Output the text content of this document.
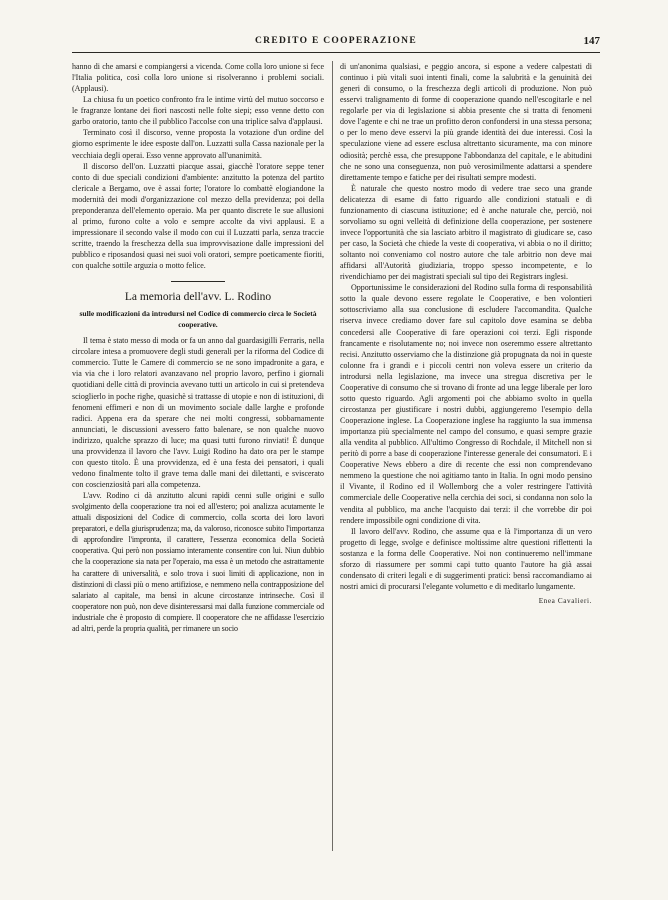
CREDITO E COOPERAZIONE	147

hanno di che amarsi e compiangersi a vicenda. Come colla loro unione si fece l'Italia politica, così colla loro unione si risolveranno i problemi sociali. (Applausi).

La chiusa fu un poetico confronto fra le intime virtù del mutuo soccorso e le fragranze lontane dei fiori nascosti nelle folte siepi; esso venne detto con garbo oratorio, tanto che il pubblico l'accolse con una triplice salva d'applausi.

Terminato così il discorso, venne proposta la votazione d'un ordine del giorno esprimente le idee esposte dall'on. Luzzatti sulla Cassa nazionale per la vecchiaia degli operai. Esso venne approvato all'unanimità.

Il discorso dell'on. Luzzatti piacque assai, giacchè l'oratore seppe tener conto di due speciali condizioni d'ambiente: anzitutto la potenza del partito clericale a Bergamo, ove è assai forte; l'oratore lo combattè elogiandone la modernità dei modi d'organizzazione col mezzo della previdenza; poi della preponderanza dell'elemento operaio. Ma per quanto discrete le sue allusioni al primo, furono colte a volo e sempre accolte da vivi applausi. E a impressionare il secondo valse il modo con cui il Luzzatti parla, senza traccie scritte, traendo la freschezza della sua improvvisazione dalle impressioni del pubblico e riposandosi quasi nei suoi voli oratori, sempre poeticamente fioriti, con qualche sottile arguzia o motto felice.

La memoria dell'avv. L. Rodino
sulle modificazioni da introdursi nel Codice di commercio circa le Società cooperative.

Il tema è stato messo di moda or fa un anno dal guardasigilli Ferraris, nella circolare intesa a promuovere degli studi generali per la riforma del Codice di commercio. Tutte le Camere di commercio se ne sono impadronite a gara, e via via che i loro relatori avanzavano nel proprio lavoro, perfino i giornali quotidiani delle città di provincia avevano tutti un articolo in cui si pretendeva scioglierlo in poche righe, quasichè si trattasse di utopie e non di istituzioni, di fenomeni effimeri e non di un movimento sociale dalle larghe e profonde radici. Appena era da sperare che nei molti congressi, sobbarnamente annunciati, le discussioni avessero fatto balenare, se non qualche nuovo indirizzo, qualche sprazzo di luce; ma quasi tutti furono rinviati! È dunque una provvidenza il lavoro che l'avv. Luigi Rodino ha dato ora per le stampe con questo titolo. È una provvidenza, ed è una festa dei pensatori, i quali vedono finalmente tolto il grave tema dalle mani dei dilettanti, e sviscerato con coscienziosità pari alla competenza.

L'avv. Rodino ci dà anzitutto alcuni rapidi cenni sulle origini e sullo svolgimento della cooperazione tra noi ed all'estero; poi analizza acutamente le attuali disposizioni del Codice di commercio, colla scorta dei loro lavori preparatori, e della giurisprudenza; ma, da valoroso, riconosce subito l'importanza di approfondire l'impronta, il carattere, l'essenza economica della Società cooperativa. Qui però non possiamo interamente consentire con lui. Niun dubbio che la cooperazione sia nata per l'operaio, ma essa è un metodo che astrattamente ha carattere di universalità, e solo trova i suoi limiti di applicazione, non in distinzioni di classi più o meno artifiziose, e nemmeno nella contrapposizione del salariato al capitale, ma bensì in alcune circostanze intrinseche. Così il cooperatore non può, non deve disinteressarsi mai dalla funzione commerciale od industriale che è proposto di compiere. Il cooperatore che ne affidasse l'esercizio ad altri, perde la propria qualità, per rimanere un socio

di un'anonima qualsiasi, e peggio ancora, si espone a vedere calpestati di continuo i più vitali suoi intenti finali, come la salubrità e la genuinità dei generi di consumo, o la freschezza degli articoli di produzione. Non può esservi tralignamento di forme di cooperazione quando nell'escogitarle e nel regolarle per via di legislazione si abbia presente che si tratta di fenomeni dove l'agente e chi ne trae un profitto deron confondersi in una stessa persona; o per lo meno deve esservi la più grande identità dei due interessi. Così la speculazione viene ad essere esclusa altrettanto sicuramente, ma con minore odiosità; perchè essa, che presuppone l'abbondanza del capitale, e le abitudini che ne sono una conseguenza, non può verosimilmente adattarsi a spendere direttamente tempo e fatiche per dei risultati sempre modesti.

È naturale che questo nostro modo di vedere trae seco una grande delicatezza di esame di fatto riguardo alle condizioni statuali e di funzionamento di ciascuna istituzione; ed è anche naturale che, perciò, noi sorvoliamo su ogni velleità di definizione della cooperazione, per sostenere invece l'opportunità che sia lasciato arbitro il magistrato di giudicare se, caso per caso, la Società che chiede la veste di cooperativa, vi abbia o no il diritto; soltanto noi conveniamo col nostro autore che tale arbitrio non deve mai affidarsi all'Autorità giudiziaria, troppo spesso incompetente, e lo rivendichiamo per dei magistrati speciali sul tipo dei Registrars inglesi.

Opportunissime le considerazioni del Rodino sulla forma di responsabilità sotto la quale devono essere regolate le Cooperative, e ben volontieri sottoscriviamo alla sua conclusione di escludere l'accomandita. Qualche riserva invece crediamo dover fare sul capitolo dove esamina se debba concedersi alle Cooperative di fare operazioni coi terzi. Egli risponde francamente e risolutamente no; noi invece non oseremmo essere altrettanto recisi. Anzitutto osserviamo che la distinzione già propugnata da noi in queste colonne fra i grandi e i piccoli centri non voleva essere un criterio da introdursi nella legislazione, ma invece una stregua discretiva per le Cooperative di consumo che si trovano di fronte ad una legge liberale per loro sotto questo riguardo. Agli argomenti poi che abbiamo svolto in quella circostanza per giustificare i nostri dubbi, aggiungeremo l'esempio della Cooperazione inglese. La Cooperazione inglese ha raggiunto la sua immensa importanza più specialmente nel campo del consumo, e quasi sempre grazie alla vendita al pubblico. All'ultimo Congresso di Rochdale, il Mitchell non si peritò di porre a base di cooperazione l'interesse generale dei consumatori. E i Cooperative News ebbero a dire di recente che essi non comprendevano nemmeno la questione che noi agitiamo tanto in Italia. In ogni modo pensino il Vivante, il Rodino ed il Wollemborg che a voler restringere l'attività commerciale delle Cooperative nella cerchia dei soci, si condanna non solo la vendita al pubblico, ma anche l'acquisto dai terzi: il che vorrebbe dir poi rendere impossibile ogni condizione di vita.

Il lavoro dell'avv. Rodino, che assume qua e là l'importanza di un vero progetto di legge, svolge e definisce moltissime altre questioni riflettenti la sostanza e la forma delle Cooperative. Noi non continueremo nell'immane sforzo di riassumere per sommi capi tutto quanto l'autore ha già assai condensato di criteri legali e di suggerimenti pratici: bensì raccomandiamo ai nostri amici di procurarsi l'elegante volumetto e di meditarlo lungamente.

Enea Cavalieri.
